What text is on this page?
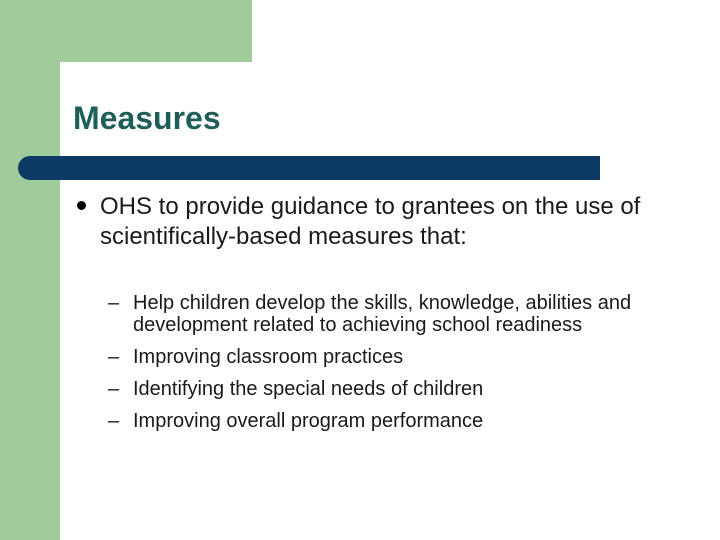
Measures

OHS to provide guidance to grantees on the use of scientifically-based measures that:

– Help children develop the skills, knowledge, abilities and development related to achieving school readiness
– Improving classroom practices
– Identifying the special needs of children
– Improving overall program performance
